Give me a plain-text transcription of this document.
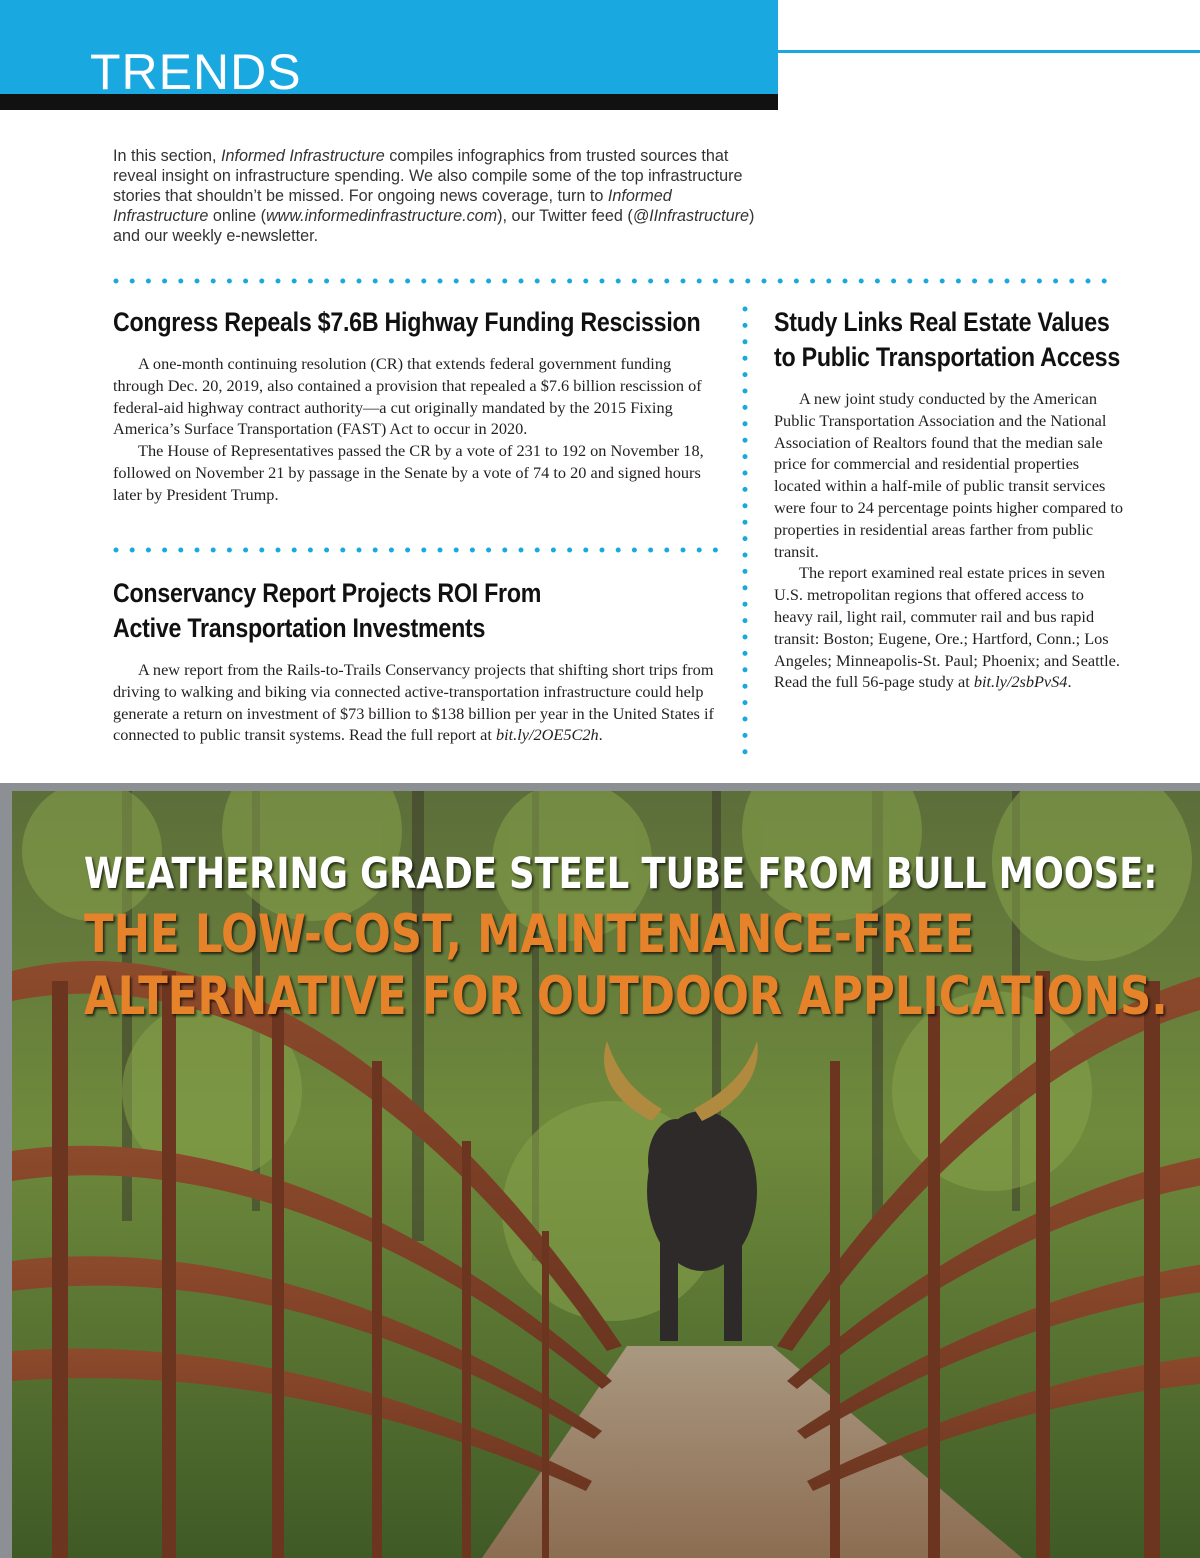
TRENDS

In this section, Informed Infrastructure compiles infographics from trusted sources that reveal insight on infrastructure spending. We also compile some of the top infrastructure stories that shouldn’t be missed. For ongoing news coverage, turn to Informed Infrastructure online (www.informedinfrastructure.com), our Twitter feed (@IInfrastructure) and our weekly e-newsletter.

Congress Repeals $7.6B Highway Funding Rescission

A one-month continuing resolution (CR) that extends federal government funding through Dec. 20, 2019, also contained a provision that repealed a $7.6 billion rescission of federal-aid highway contract authority—a cut originally mandated by the 2015 Fixing America’s Surface Transportation (FAST) Act to occur in 2020.

The House of Representatives passed the CR by a vote of 231 to 192 on November 18, followed on November 21 by passage in the Senate by a vote of 74 to 20 and signed hours later by President Trump.

Conservancy Report Projects ROI From
Active Transportation Investments

A new report from the Rails-to-Trails Conservancy projects that shifting short trips from driving to walking and biking via connected active-transportation infrastructure could help generate a return on investment of $73 billion to $138 billion per year in the United States if connected to public transit systems. Read the full report at bit.ly/2OE5C2h.

Study Links Real Estate Values
to Public Transportation Access

A new joint study conducted by the American Public Transportation Association and the National Association of Realtors found that the median sale price for commercial and residential properties located within a half-mile of public transit services were four to 24 percentage points higher compared to properties in residential areas farther from public transit.

The report examined real estate prices in seven U.S. metropolitan regions that offered access to heavy rail, light rail, commuter rail and bus rapid transit: Boston; Eugene, Ore.; Hartford, Conn.; Los Angeles; Minneapolis-St. Paul; Phoenix; and Seattle. Read the full 56-page study at bit.ly/2sbPvS4.

WEATHERING GRADE STEEL TUBE FROM BULL MOOSE:
THE LOW-COST, MAINTENANCE-FREE
ALTERNATIVE FOR OUTDOOR APPLICATIONS.
